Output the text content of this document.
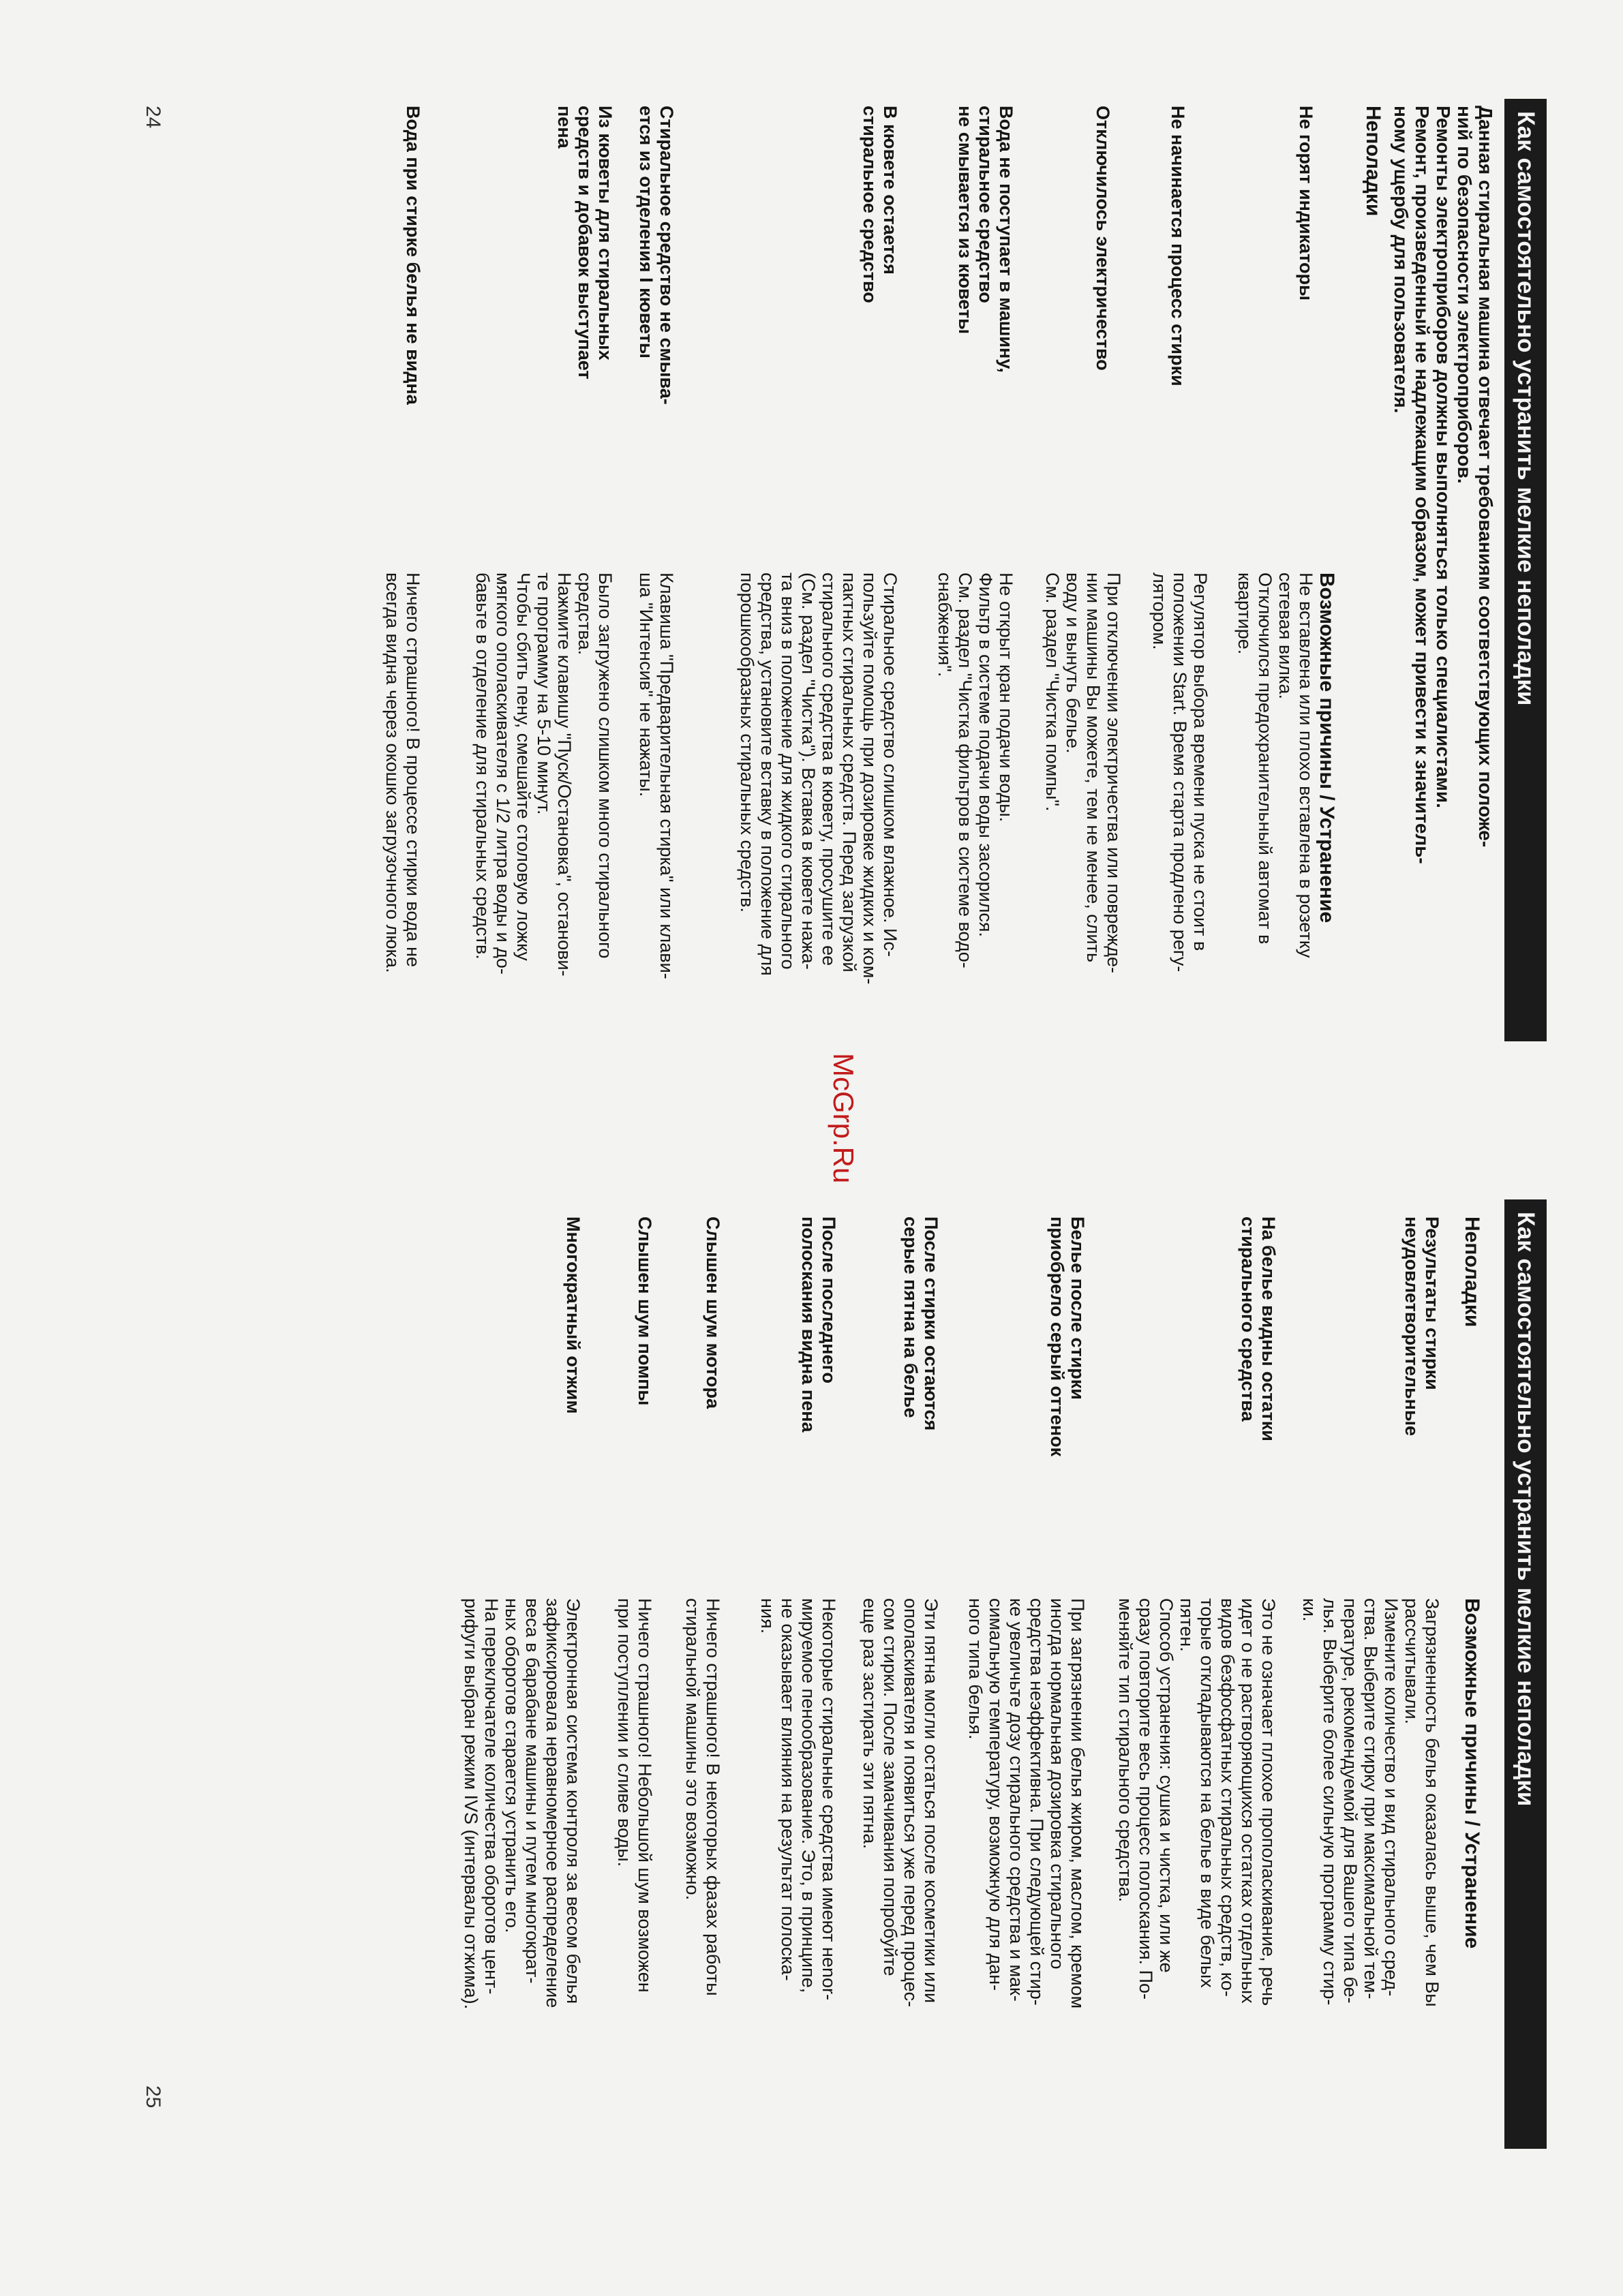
Как самостоятельно устранить мелкие неполадки

Данная стиральная машина отвечает требованиям соответствующих положе-
ний по безопасности электроприборов.
Ремонты электроприборов должны выполняться только специалистами.
Ремонт, произведенный не надлежащим образом, может привести к значитель-
ному ущербу для пользователя.

Неполадки
Возможные причины / Устранение
Не горят индикаторы
Не вставлена или плохо вставлена в розетку
сетевая вилка.
Отключился предохранительный автомат в
квартире.
Не начинается процесс стирки
Регулятор выбора времени пуска не стоит в
положении Start. Время старта продлено регу-
лятором.
Отключилось электричество
При отключении электричества или поврежде-
нии машины Вы можете, тем не менее, слить
воду и вынуть белье.
См. раздел "Чистка помпы".
Вода не поступает в машину,
стиральное средство
не смывается из кюветы
Не открыт кран подачи воды.
Фильтр в системе подачи воды засорился.
См. раздел "Чистка фильтров в системе водо-
снабжения".
В кювете остается
стиральное средство
Стиральное средство слишком влажное. Ис-
пользуйте помощь при дозировке жидких и ком-
пактных стиральных средств. Перед загрузкой
стирального средства в кювету, просушите ее
(См. раздел "Чистка"). Вставка в кювете нажа-
та вниз в положение для жидкого стирального
средства, установите вставку в положение для
порошкообразных стиральных средств.
Стиральное средство не смыва-
ется из отделения I кюветы
Клавиша "Предварительная стирка" или клави-
ша "Интенсив" не нажаты.
Из кюветы для стиральных
средств и добавок выступает
пена
Было загружено слишком много стирального
средства.
Нажмите клавишу "Пуск/Остановка", останови-
те программу на 5-10 минут.
Чтобы сбить пену, смешайте столовую ложку
мягкого ополаскивателя с 1/2 литра воды и до-
бавьте в отделение для стиральных средств.
Вода при стирке белья не видна
Ничего страшного! В процессе стирки вода не
всегда видна через окошко загрузочного люка.
24
Как самостоятельно устранить мелкие неполадки
Неполадки
Возможные причины / Устранение
Результаты стирки
неудовлетворительные
Загрязненность белья оказалась выше, чем Вы
рассчитывали.
Измените количество и вид стирального сред-
ства. Выберите стирку при максимальной тем-
пературе, рекомендуемой для Вашего типа бе-
лья. Выберите более сильную программу стир-
ки.
На белье видны остатки
стирального средства
Это не означает плохое прополаскивание, речь
идет о не растворяющихся остатках отдельных
видов безфосфатных стиральных средств, ко-
торые откладываются на белье в виде белых
пятен.
Способ устранения: сушка и чистка, или же
сразу повторите весь процесс полоскания. По-
меняйте тип стирального средства.
Белье после стирки
приобрело серый оттенок
При загрязнении белья жиром, маслом, кремом
иногда нормальная дозировка стирального
средства неэффективна. При следующей стир-
ке увеличьте дозу стирального средства и мак-
симальную температуру, возможную для дан-
ного типа белья.
После стирки остаются
серые пятна на белье
Эти пятна могли остаться после косметики или
ополаскивателя и появиться уже перед процес-
сом стирки. После замачивания попробуйте
еще раз застирать эти пятна.
После последнего
полоскания видна пена
Некоторые стиральные средства имеют нenor-
мируемое пенообразование. Это, в принципе,
не оказывает влияния на результат полоска-
ния.
Слышен шум мотора
Ничего страшного! В некоторых фазах работы
стиральной машины это возможно.
Слышен шум помпы
Ничего страшного! Небольшой шум возможен
при поступлении и сливе воды.
Многократный отжим
Электронная система контроля за весом белья
зафиксировала неравномерное распределение
веса в барабане машины и путем многократ-
ных оборотов старается устранить его.
На переключателе количества оборотов цент-
рифуги выбран режим IVS (интервалы отжима).
25
McGrp.Ru
